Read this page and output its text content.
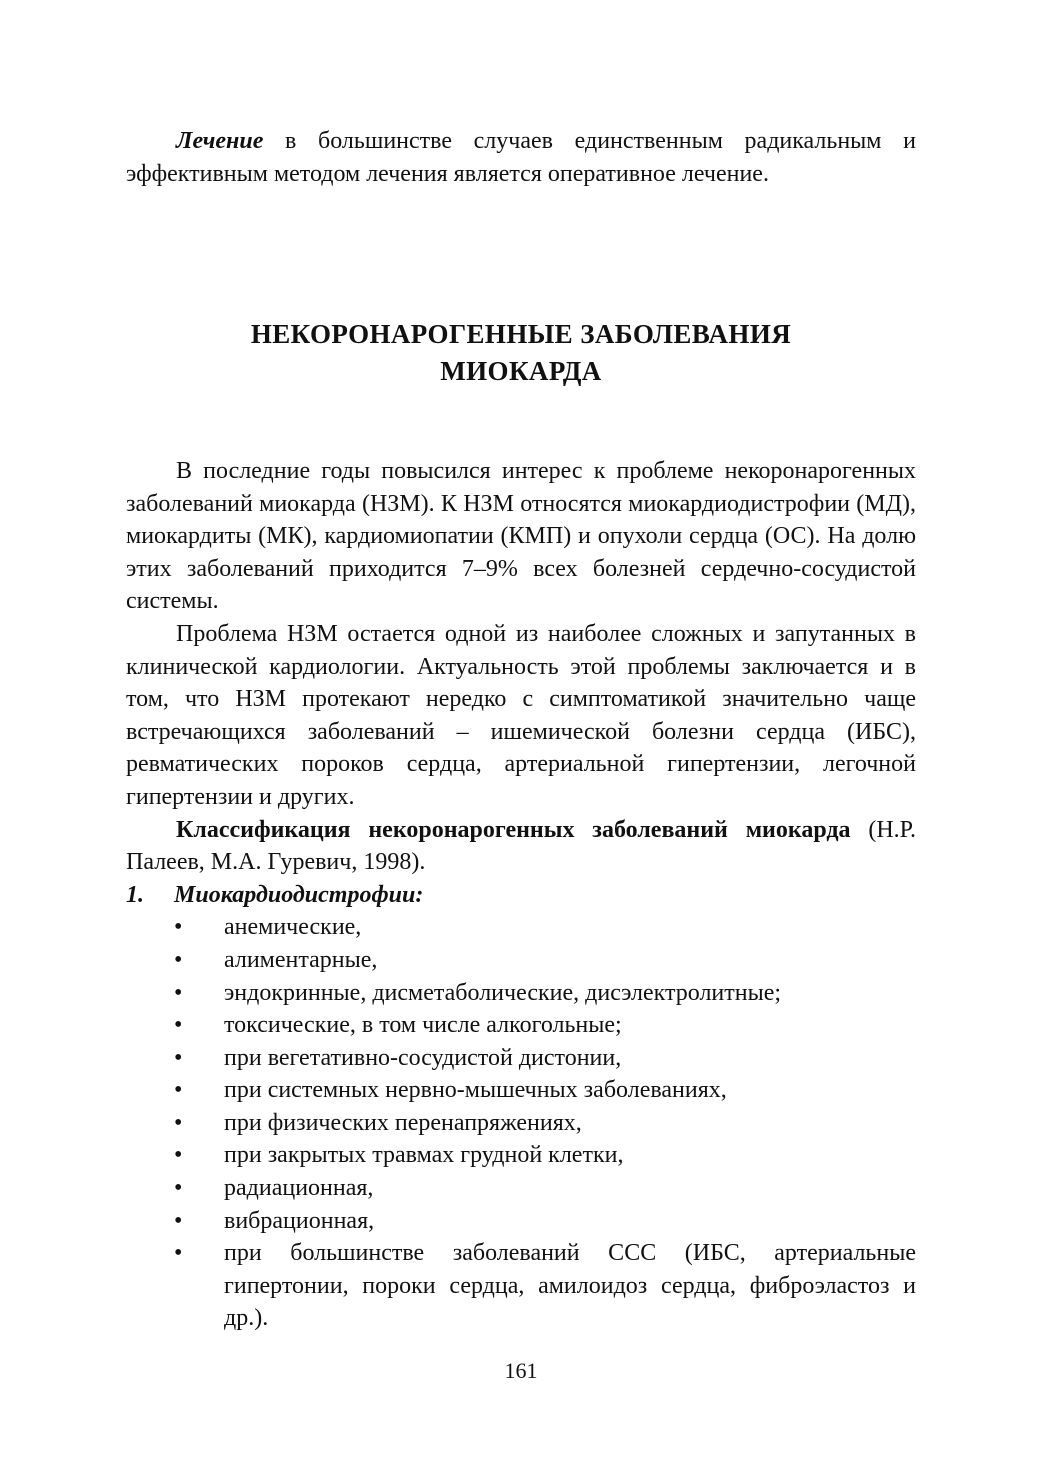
Лечение в большинстве случаев единственным радикальным и эффективным методом лечения является оперативное лечение.

НЕКОРОНАРОГЕННЫЕ ЗАБОЛЕВАНИЯ
МИОКАРДА

В последние годы повысился интерес к проблеме некоронарогенных заболеваний миокарда (НЗМ). К НЗМ относятся миокардиодистрофии (МД), миокардиты (МК), кардиомиопатии (КМП) и опухоли сердца (ОС). На долю этих заболеваний приходится 7–9% всех болезней сердечно-сосудистой системы.

Проблема НЗМ остается одной из наиболее сложных и запутанных в клинической кардиологии. Актуальность этой проблемы заключается и в том, что НЗМ протекают нередко с симптоматикой значительно чаще встречающихся заболеваний – ишемической болезни сердца (ИБС), ревматических пороков сердца, артериальной гипертензии, легочной гипертензии и других.

Классификация некоронарогенных заболеваний миокарда (Н.Р. Палеев, М.А. Гуревич, 1998).

1.	Миокардиодистрофии:
• анемические,
• алиментарные,
• эндокринные, дисметаболические, дисэлектролитные;
• токсические, в том числе алкогольные;
• при вегетативно-сосудистой дистонии,
• при системных нервно-мышечных заболеваниях,
• при физических перенапряжениях,
• при закрытых травмах грудной клетки,
• радиационная,
• вибрационная,
• при большинстве заболеваний ССС (ИБС, артериальные гипертонии, пороки сердца, амилоидоз сердца, фиброэластоз и др.).
161
